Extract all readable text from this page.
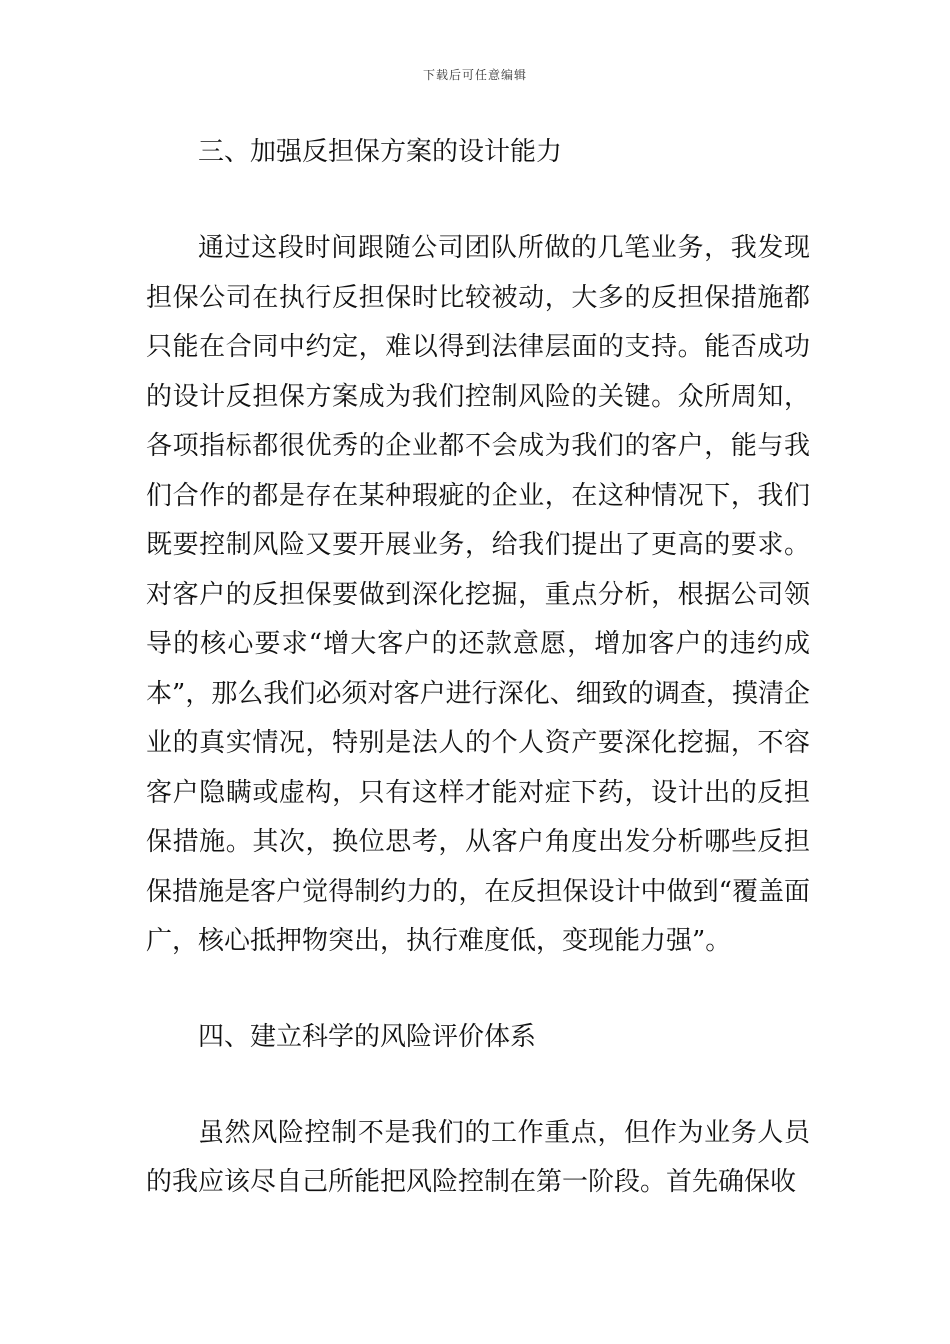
下载后可任意编辑
三、加强反担保方案的设计能力

通过这段时间跟随公司团队所做的几笔业务，我发现担保公司在执行反担保时比较被动，大多的反担保措施都只能在合同中约定，难以得到法律层面的支持。能否成功的设计反担保方案成为我们控制风险的关键。众所周知，各项指标都很优秀的企业都不会成为我们的客户，能与我们合作的都是存在某种瑕疵的企业，在这种情况下，我们既要控制风险又要开展业务，给我们提出了更高的要求。对客户的反担保要做到深化挖掘，重点分析，根据公司领导的核心要求“增大客户的还款意愿，增加客户的违约成本”，那么我们必须对客户进行深化、细致的调查，摸清企业的真实情况，特别是法人的个人资产要深化挖掘，不容客户隐瞒或虚构，只有这样才能对症下药，设计出的反担保措施。其次，换位思考，从客户角度出发分析哪些反担保措施是客户觉得制约力的，在反担保设计中做到“覆盖面广，核心抵押物突出，执行难度低，变现能力强”。

四、建立科学的风险评价体系

虽然风险控制不是我们的工作重点，但作为业务人员的我应该尽自己所能把风险控制在第一阶段。首先确保收
